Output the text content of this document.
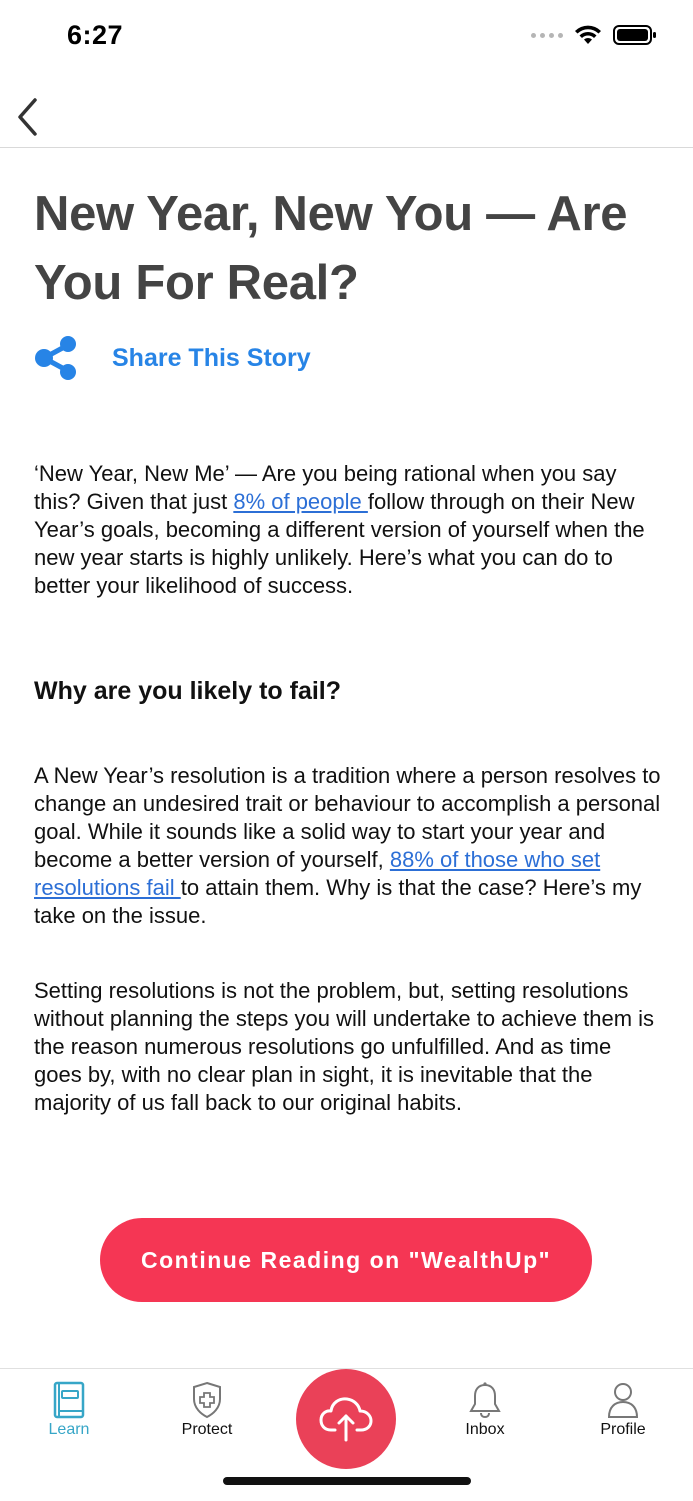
6:27
New Year, New You — Are You For Real?
Share This Story

‘New Year, New Me’ — Are you being rational when you say this? Given that just 8% of people follow through on their New Year’s goals, becoming a different version of yourself when the new year starts is highly unlikely. Here’s what you can do to better your likelihood of success.

Why are you likely to fail?

A New Year’s resolution is a tradition where a person resolves to change an undesired trait or behaviour to accomplish a personal goal. While it sounds like a solid way to start your year and become a better version of yourself, 88% of those who set resolutions fail to attain them. Why is that the case? Here’s my take on the issue.

Setting resolutions is not the problem, but, setting resolutions without planning the steps you will undertake to achieve them is the reason numerous resolutions go unfulfilled. And as time goes by, with no clear plan in sight, it is inevitable that the majority of us fall back to our original habits.

Continue Reading on "WealthUp"
Learn	Protect	Inbox	Profile
